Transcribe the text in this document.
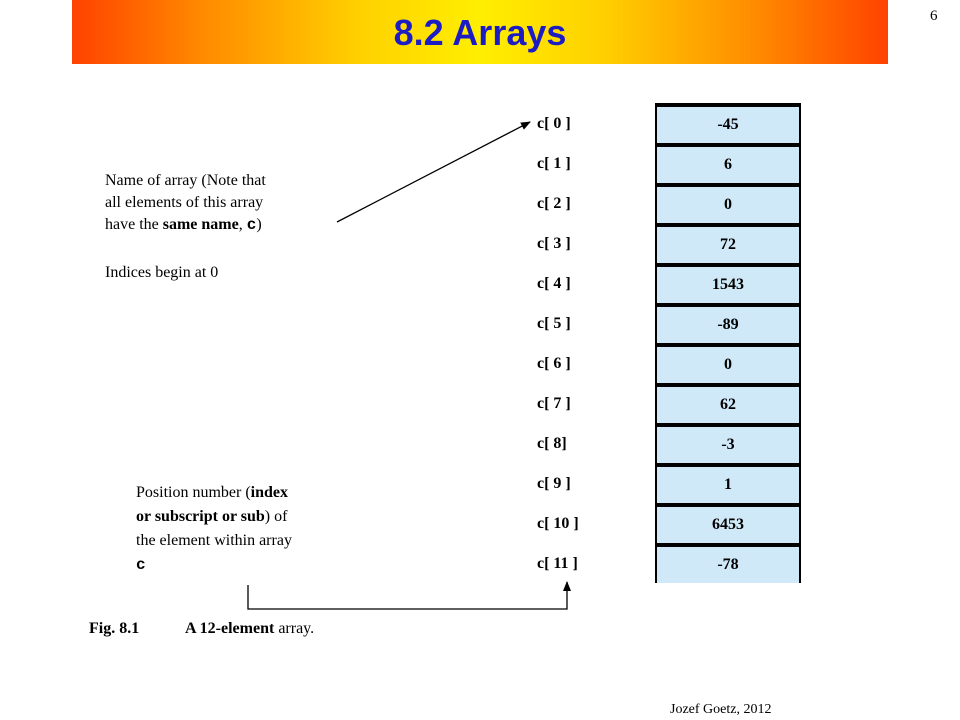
8.2 Arrays	6
c[ 0 ]
c[ 1 ]
c[ 2 ]
c[ 3 ]
c[ 4 ]
c[ 5 ]
c[ 6 ]
c[ 7 ]
c[ 8]
c[ 9 ]
c[ 10 ]
c[ 11 ]
-45
6
0
72
1543
-89
0
62
-3
1
6453
-78
Name of array (Note that
all elements of this array
have the same name, c)
Indices begin at 0
Position number (index
or subscript or sub) of
the element within array
c
Fig. 8.1	A 12-element array.
Jozef Goetz, 2012
